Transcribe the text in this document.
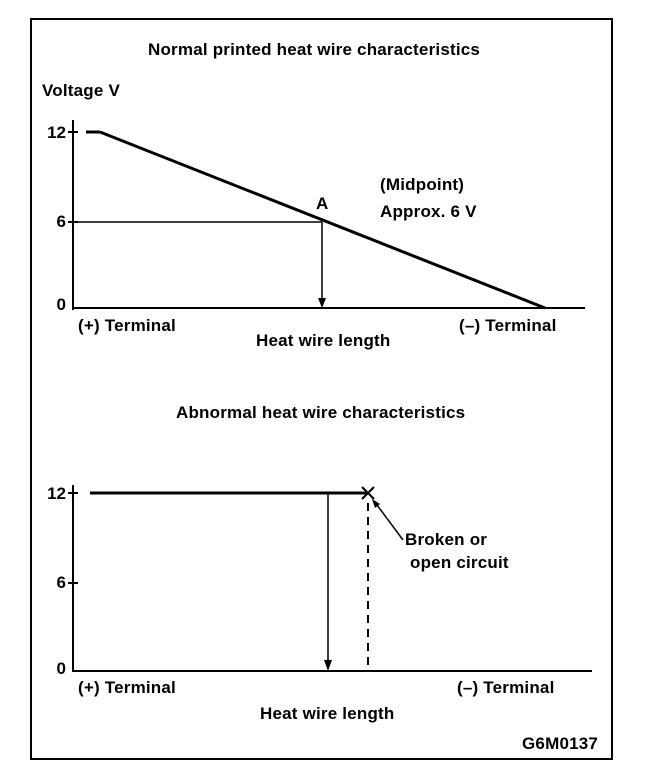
Normal printed heat wire characteristics
Voltage V
12
6
0
A
(Midpoint)
Approx. 6 V
(+) Terminal	(–) Terminal
Heat wire length
Abnormal heat wire characteristics
12
6
0
Broken or
open circuit
(+) Terminal	(–) Terminal
Heat wire length
G6M0137
